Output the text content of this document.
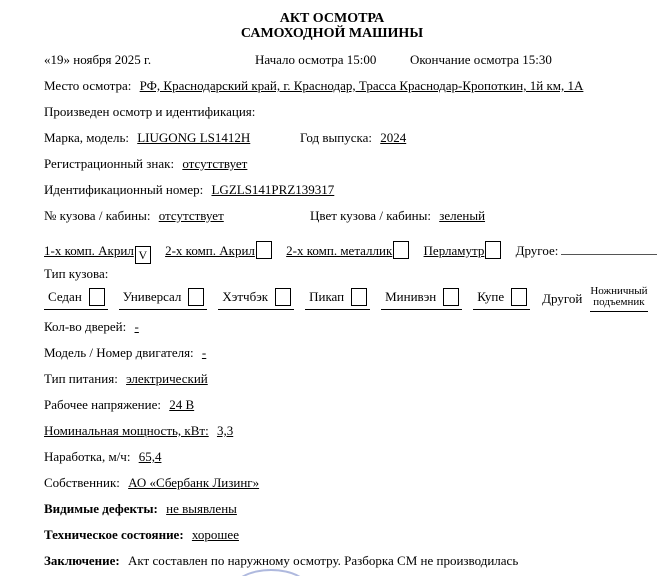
АКТ ОСМОТРА
САМОХОДНОЙ МАШИНЫ
«19» ноября 2025 г.	Начало осмотра 15:00	Окончание осмотра 15:30
Место осмотра: РФ, Краснодарский край, г. Краснодар, Трасса Краснодар-Кропоткин, 1й км, 1А
Произведен осмотр и идентификация:
Марка, модель: LIUGONG LS1412H	Год выпуска: 2024
Регистрационный знак: отсутствует
Идентификационный номер: LGZLS141PRZ139317
№ кузова / кабины: отсутствует	Цвет кузова / кабины: зеленый
1-х комп. Акрил V 2-х комп. Акрил 2-х комп. металлик Перламутр Другое:
Тип кузова:
Седан	Универсал	Хэтчбэк	Пикап	Минивэн	Купе	Другой Ножничный подъемник
Кол-во дверей: -
Модель / Номер двигателя: -
Тип питания: электрический
Рабочее напряжение: 24 В
Номинальная мощность, кВт: 3,3
Наработка, м/ч: 65,4
Собственник: АО «Сбербанк Лизинг»
Видимые дефекты: не выявлены
Техническое состояние: хорошее
Заключение: Акт составлен по наружному осмотру. Разборка СМ не производилась
